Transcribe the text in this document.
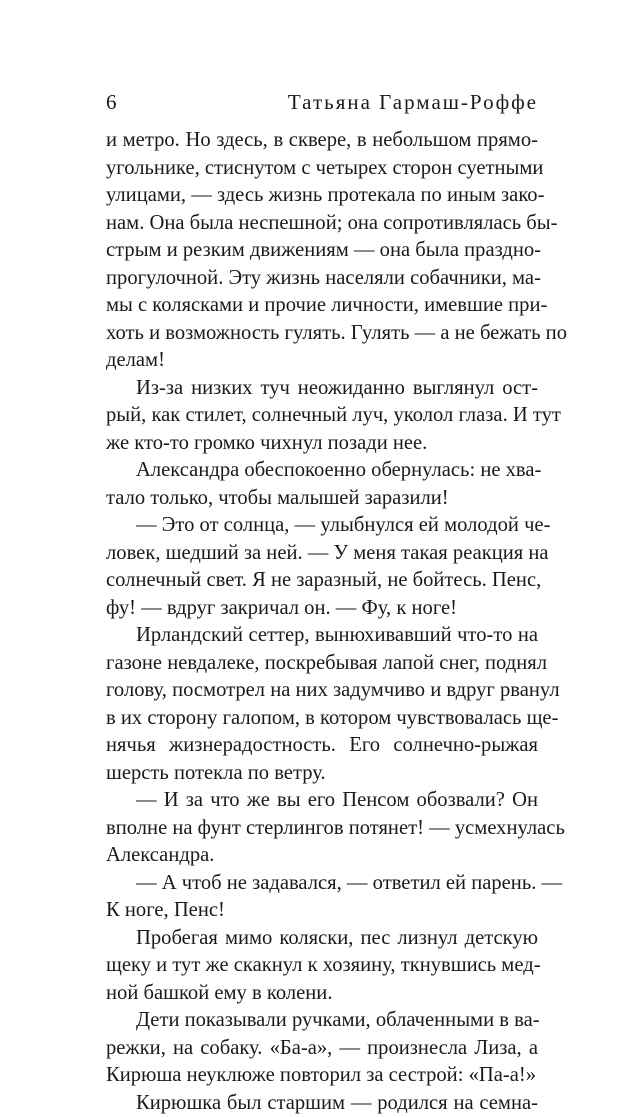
6	Татьяна Гармаш-Роффе
и метро. Но здесь, в сквере, в небольшом прямо-
угольнике, стиснутом с четырех сторон суетными
улицами, — здесь жизнь протекала по иным зако-
нам. Она была неспешной; она сопротивлялась бы-
стрым и резким движениям — она была праздно-
прогулочной. Эту жизнь населяли собачники, ма-
мы с колясками и прочие личности, имевшие при-
хоть и возможность гулять. Гулять — а не бежать по
делам!
Из-за низких туч неожиданно выглянул ост-
рый, как стилет, солнечный луч, уколол глаза. И тут
же кто-то громко чихнул позади нее.
Александра обеспокоенно обернулась: не хва-
тало только, чтобы малышей заразили!
— Это от солнца, — улыбнулся ей молодой че-
ловек, шедший за ней. — У меня такая реакция на
солнечный свет. Я не заразный, не бойтесь. Пенс,
фу! — вдруг закричал он. — Фу, к ноге!
Ирландский сеттер, вынюхивавший что-то на
газоне невдалеке, поскребывая лапой снег, поднял
голову, посмотрел на них задумчиво и вдруг рванул
в их сторону галопом, в котором чувствовалась ще-
нячья жизнерадостность. Его солнечно-рыжая
шерсть потекла по ветру.
— И за что же вы его Пенсом обозвали? Он
вполне на фунт стерлингов потянет! — усмехнулась
Александра.
— А чтоб не задавался, — ответил ей парень. —
К ноге, Пенс!
Пробегая мимо коляски, пес лизнул детскую
щеку и тут же скакнул к хозяину, ткнувшись мед-
ной башкой ему в колени.
Дети показывали ручками, облаченными в ва-
режки, на собаку. «Ба-а», — произнесла Лиза, а
Кирюша неуклюже повторил за сестрой: «Па-а!»
Кирюшка был старшим — родился на семна-
